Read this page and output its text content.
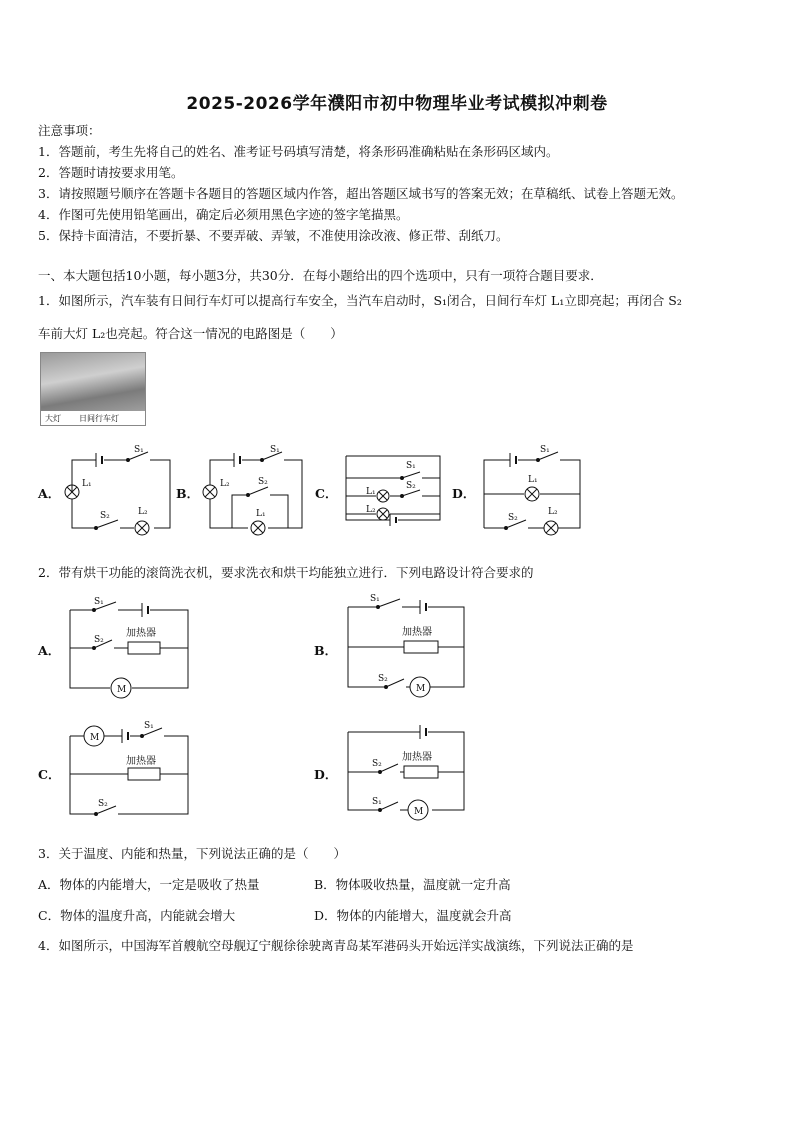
2025-2026学年濮阳市初中物理毕业考试模拟冲刺卷
注意事项：
1．答题前，考生先将自己的姓名、准考证号码填写清楚，将条形码准确粘贴在条形码区域内。
2．答题时请按要求用笔。
3．请按照题号顺序在答题卡各题目的答题区域内作答，超出答题区域书写的答案无效；在草稿纸、试卷上答题无效。
4．作图可先使用铅笔画出，确定后必须用黑色字迹的签字笔描黑。
5．保持卡面清洁，不要折暴、不要弄破、弄皱，不准使用涂改液、修正带、刮纸刀。
一、本大题包括10小题，每小题3分，共30分．在每小题给出的四个选项中，只有一项符合题目要求．
1．如图所示，汽车装有日间行车灯可以提高行车安全，当汽车启动时，S₁闭合，日间行车灯 L₁立即亮起；再闭合 S₂
车前大灯 L₂也亮起。符合这一情况的电路图是（　　）
大灯 日间行车灯
A．	B．	C．	D．
S₁
L₁
S₂	L₂
S₁
L₂	S₂
L₁
S₁
S₂
L₁
L₂
S₁
L₁
S₂
L₂
2．带有烘干功能的滚筒洗衣机，要求洗衣和烘干均能独立进行．下列电路设计符合要求的
A．	B．
C．	D．
S₁
S₂
加热器
M
S₁
加热器
S₂
M
M
S₁
加热器
S₂
加热器
S₂
S₁
M
3．关于温度、内能和热量，下列说法正确的是（　　）
A．物体的内能增大，一定是吸收了热量	B．物体吸收热量，温度就一定升高
C．物体的温度升高，内能就会增大	D．物体的内能增大，温度就会升高
4．如图所示，中国海军首艘航空母舰辽宁舰徐徐驶离青岛某军港码头开始远洋实战演练，下列说法正确的是
